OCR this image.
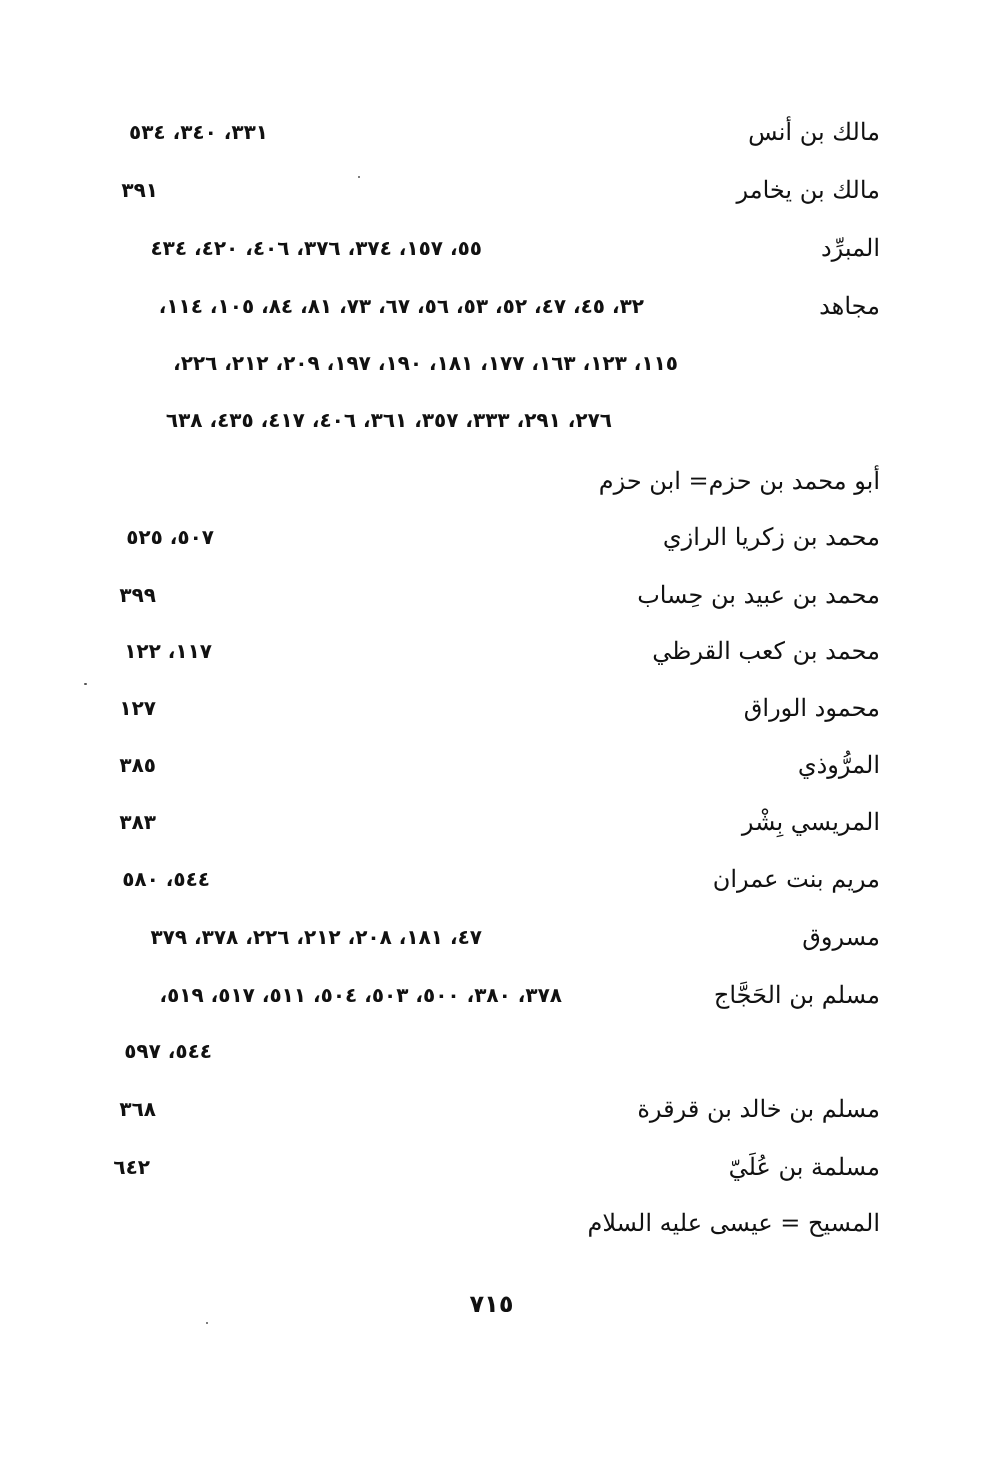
مالك بن أنس
٣٣١، ٣٤٠، ٥٣٤
مالك بن يخامر
٣٩١
المبرِّد
٥٥، ١٥٧، ٣٧٤، ٣٧٦، ٤٠٦، ٤٢٠، ٤٣٤
مجاهد
٣٢، ٤٥، ٤٧، ٥٢، ٥٣، ٥٦، ٦٧، ٧٣، ٨١، ٨٤، ١٠٥، ١١٤،
١١٥، ١٢٣، ١٦٣، ١٧٧، ١٨١، ١٩٠، ١٩٧، ٢٠٩، ٢١٢، ٢٢٦،
٢٧٦، ٢٩١، ٣٣٣، ٣٥٧، ٣٦١، ٤٠٦، ٤١٧، ٤٣٥، ٦٣٨
أبو محمد بن حزم= ابن حزم
محمد بن زكريا الرازي
٥٠٧، ٥٢٥
محمد بن عبيد بن حِساب
٣٩٩
محمد بن كعب القرظي
١١٧، ١٢٢
محمود الوراق
١٢٧
المرُّوذي
٣٨٥
المريسي بِشْر
٣٨٣
مريم بنت عمران
٥٤٤، ٥٨٠
مسروق
٤٧، ١٨١، ٢٠٨، ٢١٢، ٢٢٦، ٣٧٨، ٣٧٩
مسلم بن الحَجَّاج
٣٧٨، ٣٨٠، ٥٠٠، ٥٠٣، ٥٠٤، ٥١١، ٥١٧، ٥١٩،
٥٤٤، ٥٩٧
مسلم بن خالد بن قرقرة
٣٦٨
مسلمة بن عُلَيّ
٦٤٢
المسيح = عيسى عليه السلام
٧١٥
